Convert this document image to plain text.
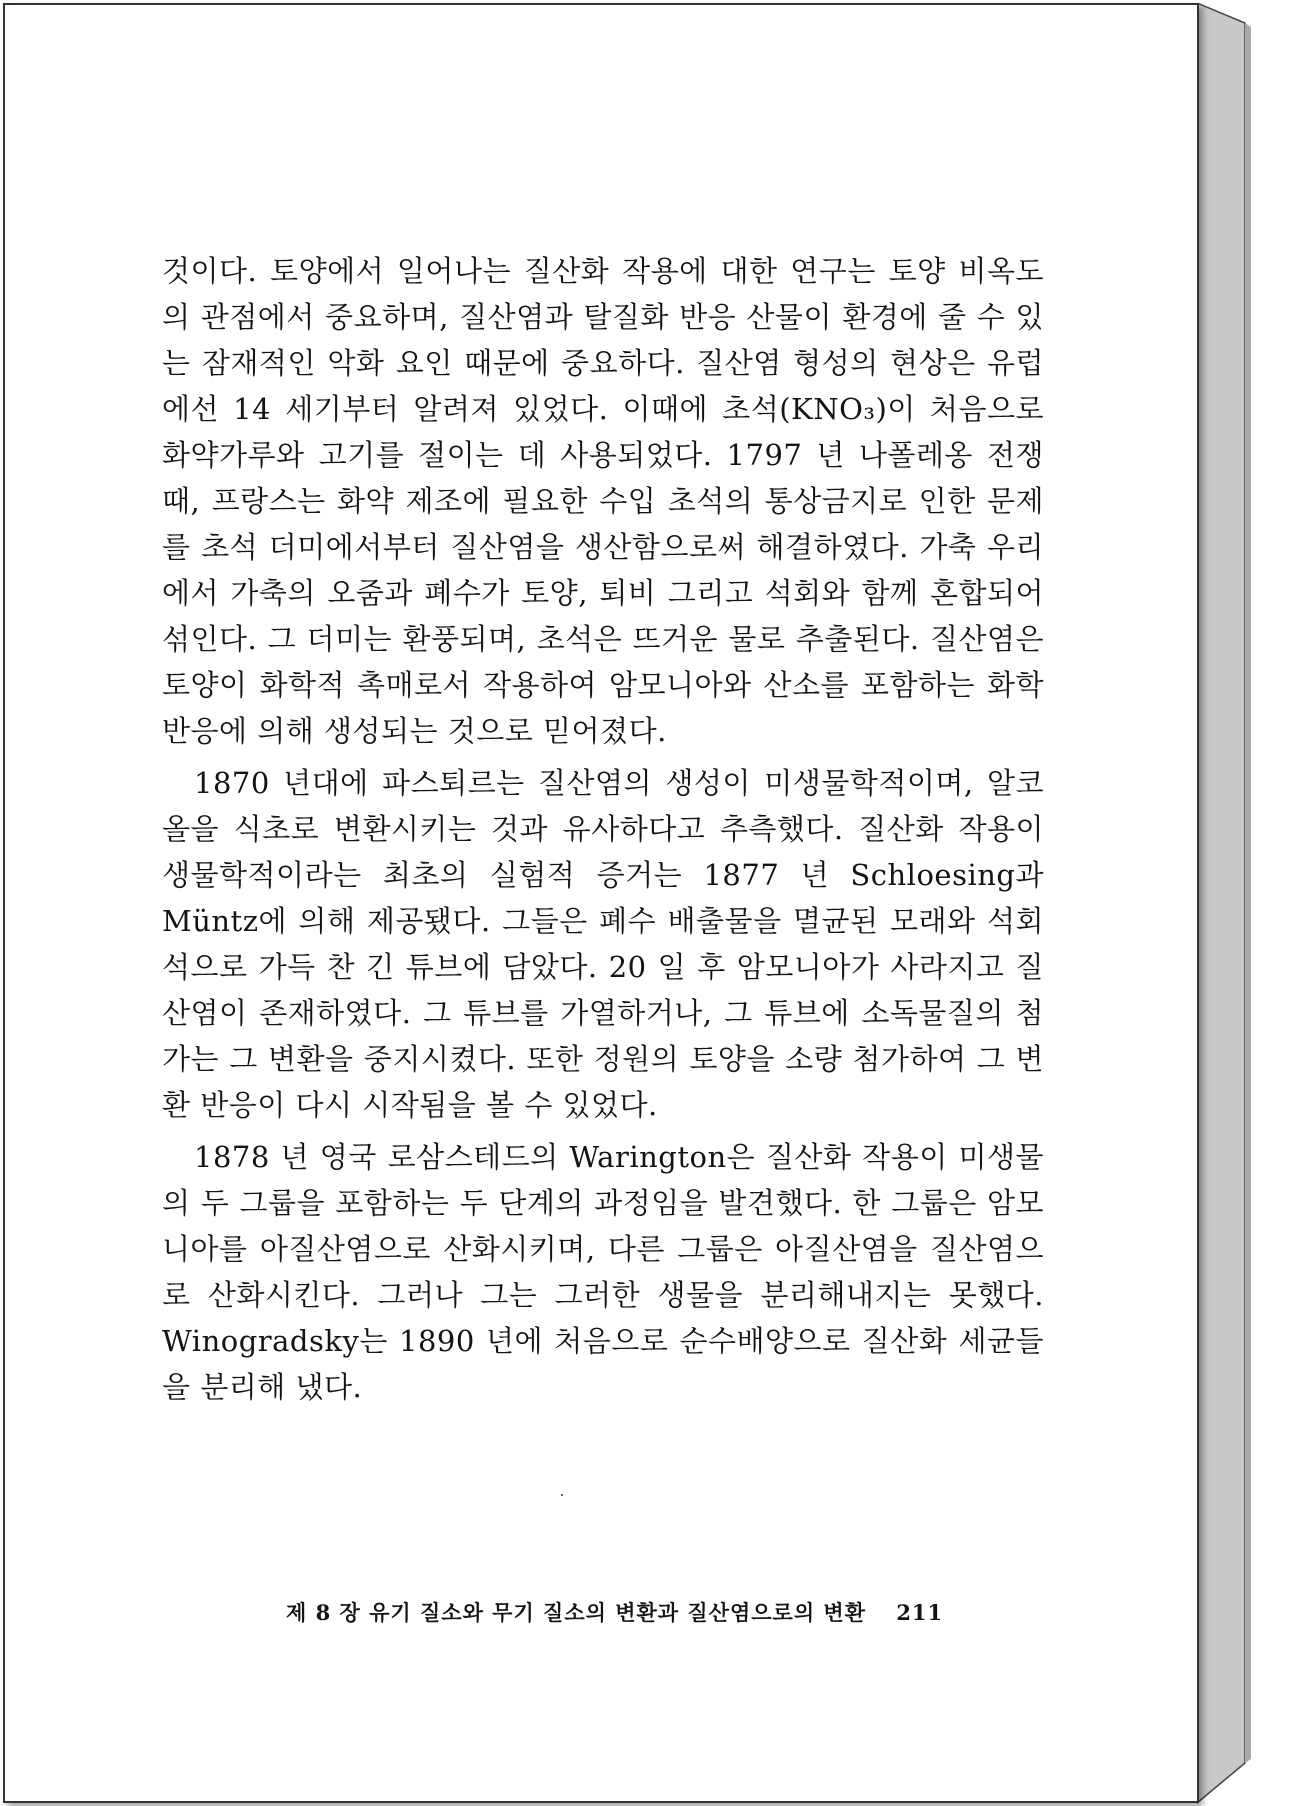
것이다. 토양에서 일어나는 질산화 작용에 대한 연구는 토양 비옥도의 관점에서 중요하며, 질산염과 탈질화 반응 산물이 환경에 줄 수 있는 잠재적인 악화 요인 때문에 중요하다. 질산염 형성의 현상은 유럽에선 14 세기부터 알려져 있었다. 이때에 초석(KNO₃)이 처음으로 화약가루와 고기를 절이는 데 사용되었다. 1797 년 나폴레옹 전쟁 때, 프랑스는 화약 제조에 필요한 수입 초석의 통상금지로 인한 문제를 초석 더미에서부터 질산염을 생산함으로써 해결하였다. 가축 우리에서 가축의 오줌과 폐수가 토양, 퇴비 그리고 석회와 함께 혼합되어 섞인다. 그 더미는 환풍되며, 초석은 뜨거운 물로 추출된다. 질산염은 토양이 화학적 촉매로서 작용하여 암모니아와 산소를 포함하는 화학반응에 의해 생성되는 것으로 믿어졌다.

1870 년대에 파스퇴르는 질산염의 생성이 미생물학적이며, 알코올을 식초로 변환시키는 것과 유사하다고 추측했다. 질산화 작용이 생물학적이라는 최초의 실험적 증거는 1877 년 Schloesing과 Müntz에 의해 제공됐다. 그들은 폐수 배출물을 멸균된 모래와 석회석으로 가득 찬 긴 튜브에 담았다. 20 일 후 암모니아가 사라지고 질산염이 존재하였다. 그 튜브를 가열하거나, 그 튜브에 소독물질의 첨가는 그 변환을 중지시켰다. 또한 정원의 토양을 소량 첨가하여 그 변환 반응이 다시 시작됨을 볼 수 있었다.

1878 년 영국 로삼스테드의 Warington은 질산화 작용이 미생물의 두 그룹을 포함하는 두 단계의 과정임을 발견했다. 한 그룹은 암모니아를 아질산염으로 산화시키며, 다른 그룹은 아질산염을 질산염으로 산화시킨다. 그러나 그는 그러한 생물을 분리해내지는 못했다. Winogradsky는 1890 년에 처음으로 순수배양으로 질산화 세균들을 분리해 냈다.

제 8 장 유기 질소와 무기 질소의 변환과 질산염으로의 변환 211
